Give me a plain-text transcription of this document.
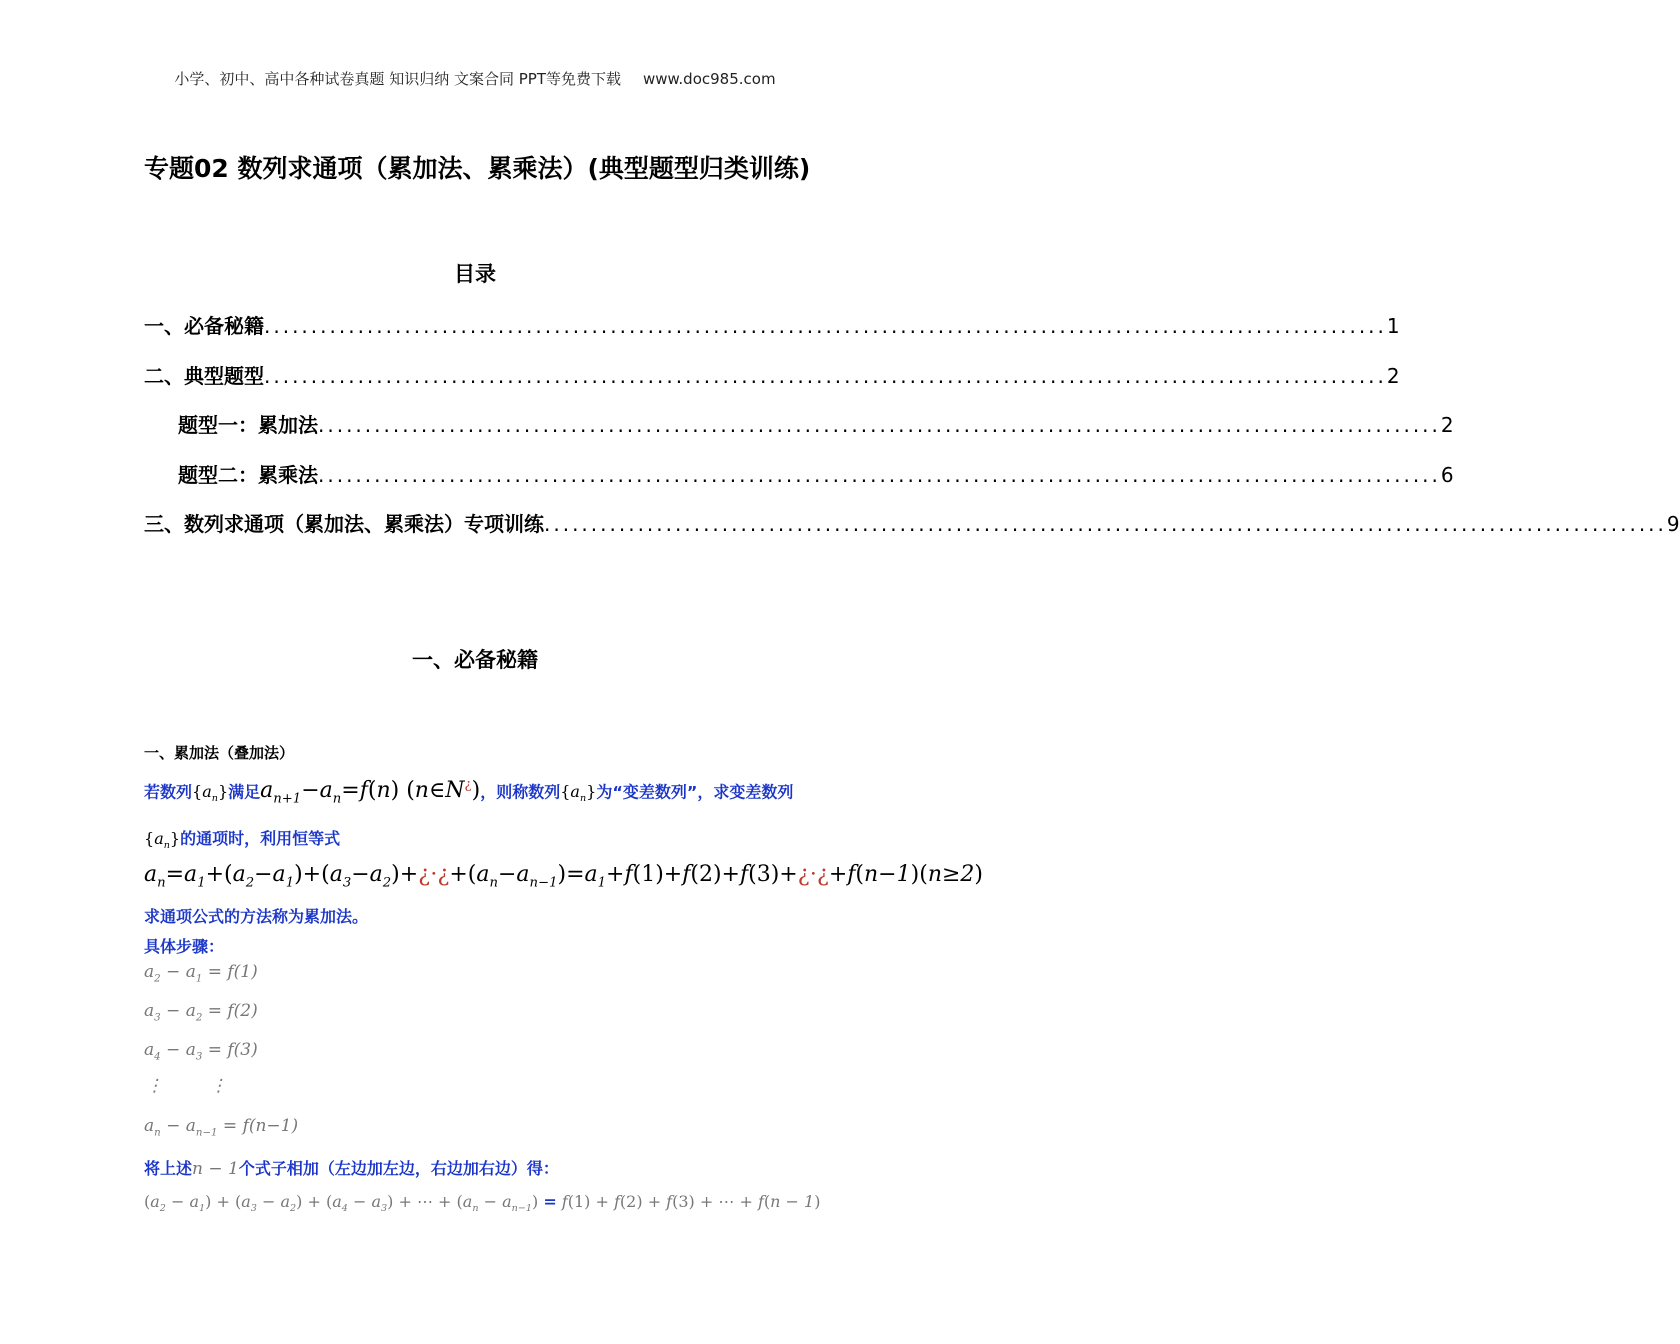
小学、初中、高中各种试卷真题 知识归纳 文案合同 PPT等免费下载 www.doc985.com
专题02 数列求通项（累加法、累乘法）(典型题型归类训练)
目录
一、必备秘籍 .....	1
二、典型题型 .....	2
题型一：累加法 .....	2
题型二：累乘法 .....	6
三、数列求通项（累加法、累乘法）专项训练 .....	9
一、必备秘籍
一、累加法（叠加法）
若数列$\{a_n\}$满足$a_{n+1}-a_n=f(n)$ (n∈N¿)，则称数列$\{a_n\}$为“变差数列”，求变差数列
$\{a_n\}$的通项时，利用恒等式
$a_n=a_1+(a_2-a_1)+(a_3-a_2)+¿\cdot¿+(a_n-a_{n-1})=a_1+f(1)+f(2)+f(3)+¿\cdot¿+f(n-1)(n\ge 2)$
求通项公式的方法称为累加法。
具体步骤：
$a_2 - a_1 = f(1)$
$a_3 - a_2 = f(2)$
$a_4 - a_3 = f(3)$
⋮	⋮
$a_n - a_{n-1} = f(n-1)$
将上述n − 1个式子相加（左边加左边，右边加右边）得：
$(a_2 - a_1) + (a_3 - a_2) + (a_4 - a_3)$ + ⋯ + $(a_n - a_{n-1}) = f(1) + f(2) + f(3)$ + ⋯ + f(n − 1)
